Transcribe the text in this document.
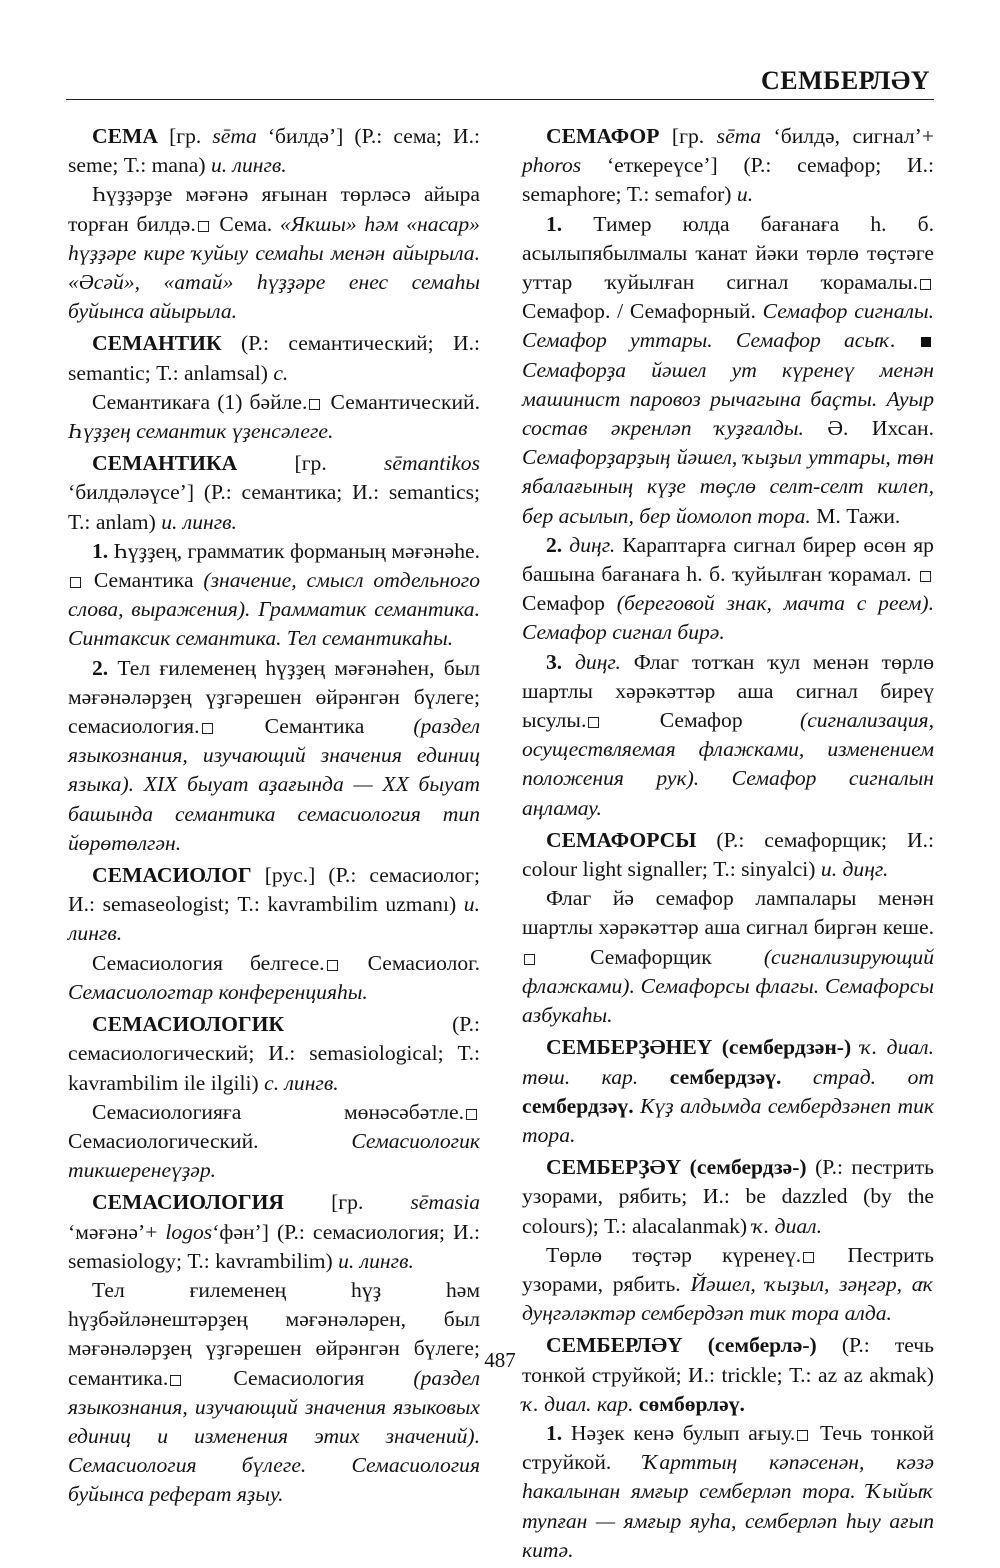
СЕМБЕРЛӘҮ

СЕМА [гр. sēma ‘билдә’] (Р.: сема; И.: seme; Т.: mana) и. лингв.

Һүҙҙәрҙе мәғәнә яғынан төрләсә айыра торған билдә. Сема. «Якшы» һәм «насар» һүҙҙәре кире ҡуйыу семаһы менән айырыла. «Әсәй», «атай» һүҙҙәре енес семаһы буйынса айырыла.

СЕМАНТИК (Р.: семантический; И.: semantic; Т.: anlamsal) с.

Семантикаға (1) бәйле. Семантический. Һүҙҙең семантик үҙенсәлеге.

СЕМАНТИКА [гр. sēmantikos ‘билдәләүсе’] (Р.: семантика; И.: semantics; Т.: anlam) и. лингв.

1. Һүҙҙең, грамматик форманың мәғәнәһе. Семантика (значение, смысл отдельного слова, выражения). Грамматик семантика. Синтаксик семантика. Тел семантикаһы.

2. Тел ғилеменең һүҙҙең мәғәнәһен, был мәғәнәләрҙең үҙгәрешен өйрәнгән бүлеге; семасиология. Семантика (раздел языкознания, изучающий значения единиц языка). XIX быуат аҙағында — XX быуат башында семантика семасиология тип йөрөтөлгән.

СЕМАСИОЛОГ [рус.] (Р.: семасиолог; И.: semaseologist; Т.: kavrambilim uzmanı) и. лингв.

Семасиология белгесе. Семасиолог. Семасиологтар конференцияһы.

СЕМАСИОЛОГИК (Р.: семасиологический; И.: semasiological; Т.: kavrambilim ile ilgili) с. лингв.

Семасиологияға мөнәсәбәтле. Семасиологический. Семасиологик тикшеренеүҙәр.

СЕМАСИОЛОГИЯ [гр. sēmasia ‘мәғәнә’+ logos‘фән’] (Р.: семасиология; И.: semasiology; Т.: kavrambilim) и. лингв.

Тел ғилеменең һүҙ һәм һүҙбәйләнештәрҙең мәғәнәләрен, был мәғәнәләрҙең үҙгәрешен өйрәнгән бүлеге; семантика. Семасиология (раздел языкознания, изучающий значения языковых единиц и изменения этих значений). Семасиология бүлеге. Семасиология буйынса реферат яҙыу.

СЕМАФОР [гр. sēma ‘билдә, сигнал’+ phoros ‘еткереүсе’] (Р.: семафор; И.: semaphore; Т.: semafor) и.

1. Тимер юлда бағанаға һ. б. асылыпябылмалы ҡанат йәки төрлө төҫтәге уттар ҡуйылған сигнал ҡорамалы. Семафор. / Семафорный. Семафор сигналы. Семафор уттары. Семафор асыҡ. Семафорҙа йәшел ут күренеү менән машинист паровоз рычагына баҫты. Ауыр состав әкренләп ҡуҙғалды. Ә. Ихсан. Семафорҙарҙың йәшел, ҡыҙыл уттары, төн ябалағының күҙе төҫлө селт-селт килеп, бер асылып, бер йомолоп тора. М. Тажи.

2. диңг. Караптарға сигнал бирер өсөн яр башына бағанаға һ. б. ҡуйылған ҡорамал.  Семафор (береговой знак, мачта с реем). Семафор сигнал бирә.

3. диңг. Флаг тотҡан ҡул менән төрлө шартлы хәрәкәттәр аша сигнал биреү ысулы. Семафор (сигнализация, осуществляемая флажками, изменением положения рук). Семафор сигналын аңламау.

СЕМАФОРСЫ (Р.: семафорщик; И.: colour light signaller; Т.: sinyalci) и. диңг.

Флаг йә семафор лампалары менән шартлы хәрәкәттәр аша сигнал биргән кеше. Семафорщик (сигнализирующий флажками). Семафорсы флагы. Семафорсы азбукаһы.

СЕМБЕРҘӘНЕҮ (сембердзән-) ҡ. диал. төш. кар. сембердзәү. страд. от сембердзәү. Күҙ алдымда сембердзәнеп тик тора.

СЕМБЕРҘӘҮ (сембердзә-) (Р.: пестрить узорами, рябить; И.: be dazzled (by the colours); Т.: alacalanmak) ҡ. диал.

Төрлө төҫтәр күренеү. Пестрить узорами, рябить. Йәшел, ҡыҙыл, зәңгәр, аҡ дуңгәләктәр сембердзәп тик тора алда.

СЕМБЕРЛӘҮ (семберлә-) (Р.: течь тонкой струйкой; И.: trickle; Т.: az az akmak) ҡ. диал. кар. сөмбөрләү.

1. Нәҙек кенә булып ағыу. Течь тонкой струйкой. Ҡарттың кәпәсенән, кәзә һакалынан ямғыр семберләп тора. Ҡыйыҡ тупған — ямғыр яуһа, семберләп һыу ағып китә.

487
